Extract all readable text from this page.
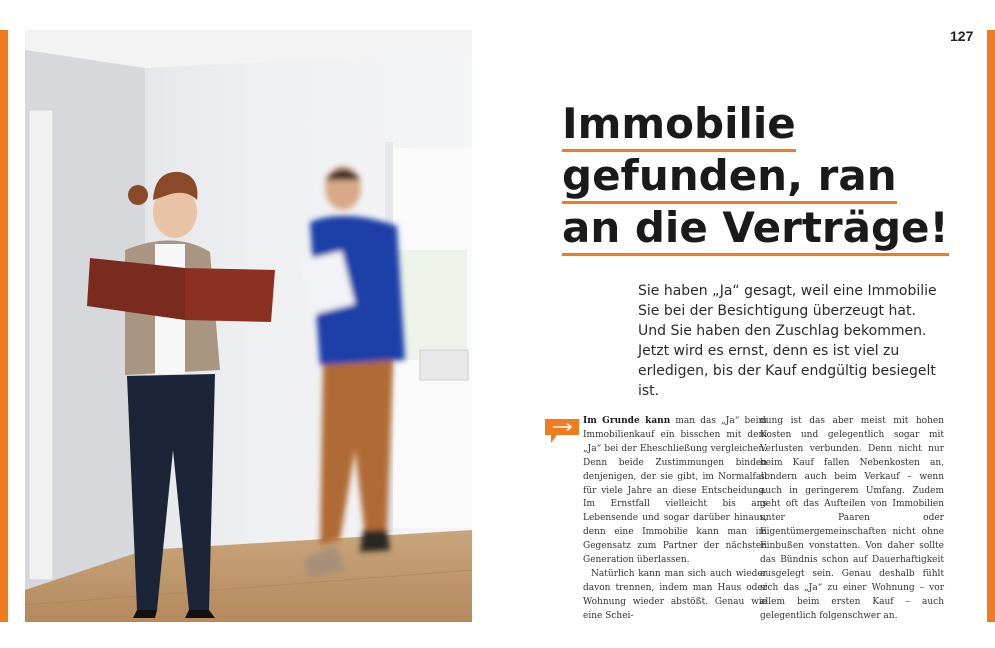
127
Immobilie
gefunden, ran
an die Verträge!

Sie haben „Ja“ gesagt, weil eine Immobilie Sie bei der Besichtigung überzeugt hat. Und Sie haben den Zuschlag bekommen. Jetzt wird es ernst, denn es ist viel zu erledigen, bis der Kauf endgültig besiegelt ist.

Im Grunde kann man das „Ja“ beim Immobilienkauf ein bisschen mit dem „Ja“ bei der Eheschließung vergleichen. Denn beide Zustimmungen binden denjenigen, der sie gibt, im Normalfall für viele Jahre an diese Entscheidung. Im Ernstfall vielleicht bis ans Lebensende und sogar darüber hinaus, denn eine Immobilie kann man im Gegensatz zum Partner der nächsten Generation überlassen.

Natürlich kann man sich auch wieder davon trennen, indem man Haus oder Wohnung wieder abstößt. Genau wie eine Schei-

dung ist das aber meist mit hohen Kosten und gelegentlich sogar mit Verlusten verbunden. Denn nicht nur beim Kauf fallen Nebenkosten an, sondern auch beim Verkauf – wenn auch in geringerem Umfang. Zudem geht oft das Aufteilen von Immobilien unter Paaren oder Eigentümergemeinschaften nicht ohne Einbußen vonstatten. Von daher sollte das Bündnis schon auf Dauerhaftigkeit ausgelegt sein. Genau deshalb fühlt sich das „Ja“ zu einer Wohnung – vor allem beim ersten Kauf – auch gelegentlich folgenschwer an.
